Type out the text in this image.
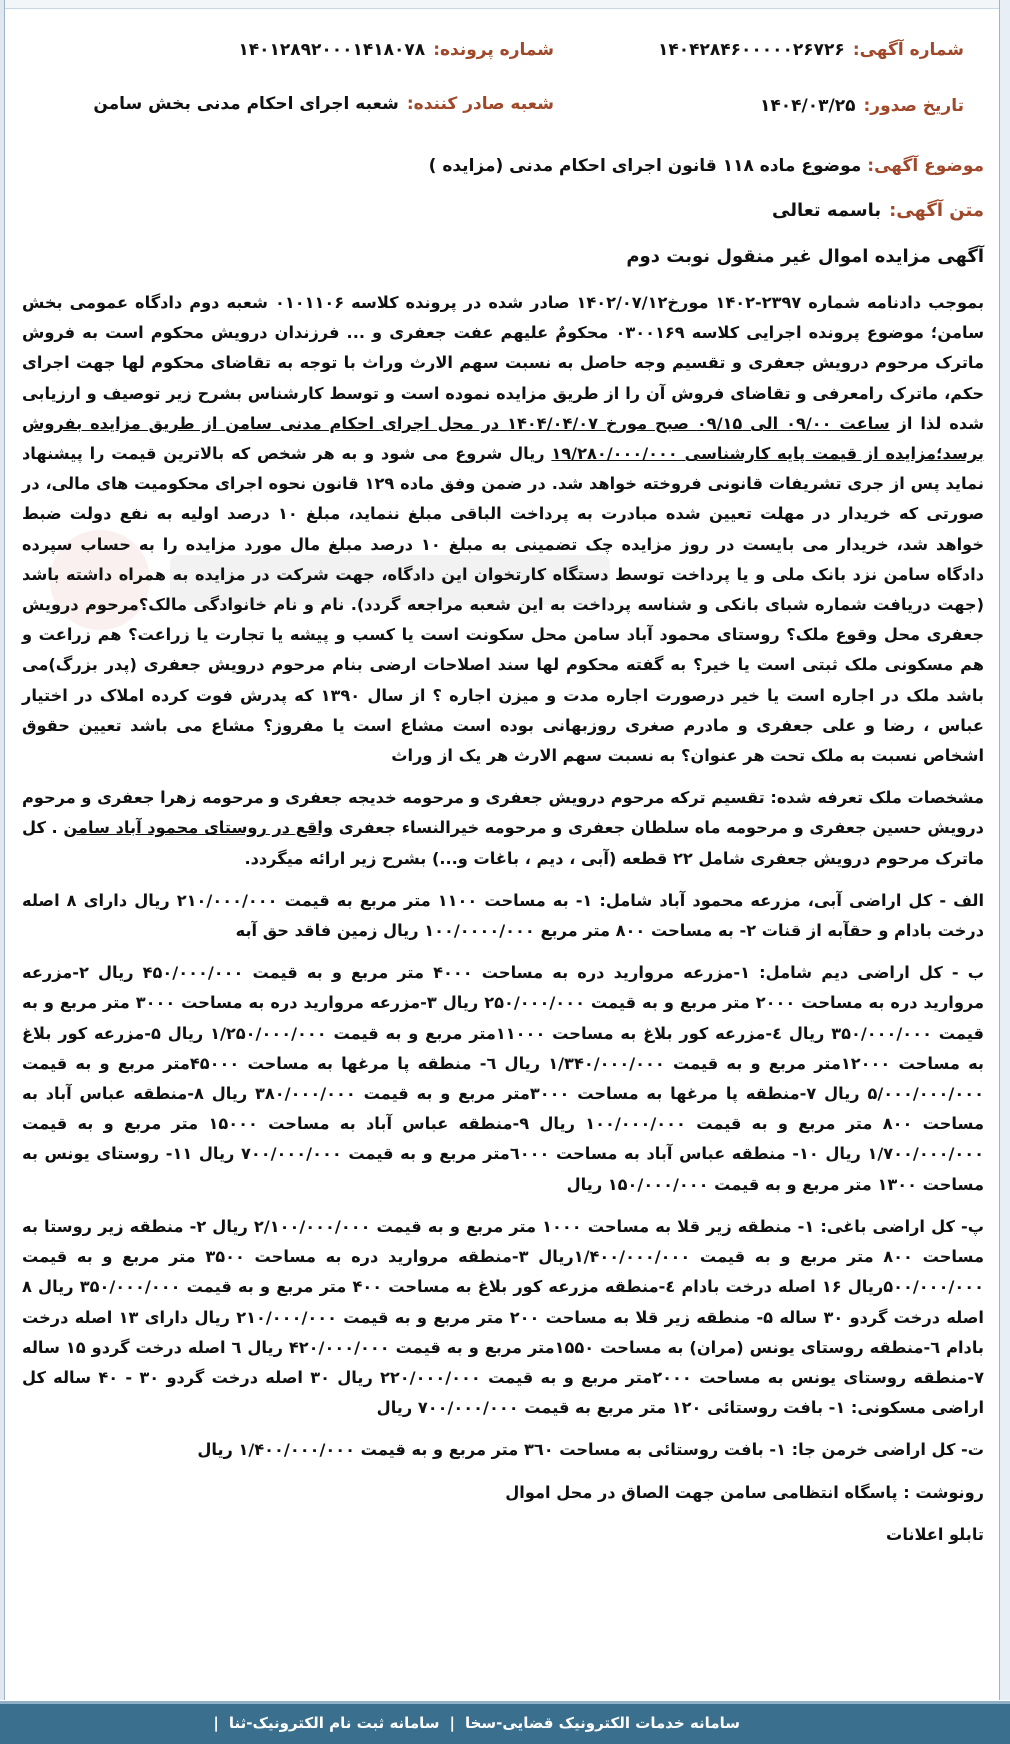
شماره آگهی:۱۴۰۴۲۸۴۶۰۰۰۰۰۲۶۷۲۶
شماره پرونده:۱۴۰۱۲۸۹۲۰۰۰۱۴۱۸۰۷۸
تاریخ صدور:۱۴۰۴/۰۳/۲۵
شعبه صادر کننده:شعبه اجرای احکام مدنی بخش سامن
موضوع آگهی:موضوع ماده ۱۱۸ قانون اجرای احکام مدنی (مزایده )
متن آگهی:باسمه تعالی
آگهی مزایده اموال غیر منقول نوبت دوم

بموجب دادنامه شماره ۲۳۹۷-۱۴۰۲ مورخ۱۴۰۲/۰۷/۱۲ صادر شده در پرونده کلاسه ۰۱۰۱۱۰۶ شعبه دوم دادگاه عمومی بخش سامن؛ موضوع پرونده اجرایی کلاسه ۰۳۰۰۱۶۹ محکومٌ علیهم عفت جعفری و ... فرزندان درویش محکوم است به فروش ماترک مرحوم درویش جعفری و تقسیم وجه حاصل به نسبت سهم الارث وراث با توجه به تقاضای محکوم لها جهت اجرای حکم، ماترک رامعرفی و تقاضای فروش آن را از طریق مزایده نموده است و توسط کارشناس بشرح زیر توصیف و ارزیابی شده لذا از ساعت ۰۹/۰۰ الی ۰۹/۱۵ صبح مورخ ۱۴۰۴/۰۴/۰۷ در محل اجرای احکام مدنی سامن از طریق مزایده بفروش برسد؛مزایده از قیمت پایه کارشناسی ۱۹/۲۸۰/۰۰۰/۰۰۰ ریال شروع می شود و به هر شخص که بالاترین قیمت را پیشنهاد نماید پس از جری تشریفات قانونی فروخته خواهد شد. در ضمن وفق ماده ۱۲۹ قانون نحوه اجرای محکومیت های مالی، در صورتی که خریدار در مهلت تعیین شده مبادرت به پرداخت الباقی مبلغ ننماید، مبلغ ۱۰ درصد اولیه به نفع دولت ضبط خواهد شد، خریدار می بایست در روز مزایده چک تضمینی به مبلغ ۱۰ درصد مبلغ مال مورد مزایده را به حساب سپرده دادگاه سامن نزد بانک ملی و یا پرداخت توسط دستگاه کارتخوان این دادگاه، جهت شرکت در مزایده به همراه داشته باشد (جهت دریافت شماره شبای بانکی و شناسه پرداخت به این شعبه مراجعه گردد). نام و نام خانوادگی مالک؟مرحوم درویش جعفری محل وقوع ملک؟ روستای محمود آباد سامن محل سکونت است یا کسب و پیشه یا تجارت یا زراعت؟ هم زراعت و هم مسکونی ملک ثبتی است یا خیر؟ به گفته محکوم لها سند اصلاحات ارضی بنام مرحوم درویش جعفری (پدر بزرگ)می باشد ملک در اجاره است یا خیر درصورت اجاره مدت و میزن اجاره ؟ از سال ۱۳۹۰ که پدرش فوت کرده املاک در اختیار عباس ، رضا و علی جعفری و مادرم صغری روزبهانی بوده است مشاع است یا مفروز؟ مشاع می باشد تعیین حقوق اشخاص نسبت به ملک تحت هر عنوان؟ به نسبت سهم الارث هر یک از وراث

مشخصات ملک تعرفه شده: تقسیم ترکه مرحوم درویش جعفری و مرحومه خدیجه جعفری و مرحومه زهرا جعفری و مرحوم درویش حسین جعفری و مرحومه ماه سلطان جعفری و مرحومه خیرالنساء جعفری واقع در روستای محمود آباد سامن . کل ماترک مرحوم درویش جعفری شامل ۲۲ قطعه (آبی ، دیم ، باغات و...) بشرح زیر ارائه میگردد.

الف - کل اراضی آبی، مزرعه محمود آباد شامل: ۱- به مساحت ۱۱۰۰ متر مربع به قیمت ۲۱۰/۰۰۰/۰۰۰ ریال دارای ۸ اصله درخت بادام و حقآبه از قنات ۲- به مساحت ۸۰۰ متر مربع ۱۰۰/۰۰۰۰/۰۰۰ ریال زمین فاقد حق آبه

ب - کل اراضی دیم شامل: ۱-مزرعه مروارید دره به مساحت ۴۰۰۰ متر مربع و به قیمت ۴۵۰/۰۰۰/۰۰۰ ریال ۲-مزرعه مروارید دره به مساحت ۲۰۰۰ متر مربع و به قیمت ۲۵۰/۰۰۰/۰۰۰ ریال ۳-مزرعه مروارید دره به مساحت ۳۰۰۰ متر مربع و به قیمت ۳۵۰/۰۰۰/۰۰۰ ریال ٤-مزرعه کور بلاغ به مساحت ۱۱۰۰۰متر مربع و به قیمت ۱/۲۵۰/۰۰۰/۰۰۰ ریال ۵-مزرعه کور بلاغ به مساحت ۱۲۰۰۰متر مربع و به قیمت ۱/۳۴۰/۰۰۰/۰۰۰ ریال ٦- منطقه پا مرغها به مساحت ۴۵۰۰۰متر مربع و به قیمت ۵/۰۰۰/۰۰۰/۰۰۰ ریال ۷-منطقه پا مرغها به مساحت ۳۰۰۰متر مربع و به قیمت ۳۸۰/۰۰۰/۰۰۰ ریال ۸-منطقه عباس آباد به مساحت ۸۰۰ متر مربع و به قیمت ۱۰۰/۰۰۰/۰۰۰ ریال ۹-منطقه عباس آباد به مساحت ۱۵۰۰۰ متر مربع و به قیمت ۱/۷۰۰/۰۰۰/۰۰۰ ریال ۱۰- منطقه عباس آباد به مساحت ٦۰۰۰متر مربع و به قیمت ۷۰۰/۰۰۰/۰۰۰ ریال ۱۱- روستای یونس به مساحت ۱۳۰۰ متر مربع و به قیمت ۱۵۰/۰۰۰/۰۰۰ ریال

پ- کل اراضی باغی: ۱- منطقه زیر قلا به مساحت ۱۰۰۰ متر مربع و به قیمت ۲/۱۰۰/۰۰۰/۰۰۰ ریال ۲- منطقه زیر روستا به مساحت ۸۰۰ متر مربع و به قیمت ۱/۴۰۰/۰۰۰/۰۰۰ریال ۳-منطقه مروارید دره به مساحت ۳۵۰۰ متر مربع و به قیمت ۵۰۰/۰۰۰/۰۰۰ریال ۱۶ اصله درخت بادام ٤-منطقه مزرعه کور بلاغ به مساحت ۴۰۰ متر مربع و به قیمت ۳۵۰/۰۰۰/۰۰۰ ریال ۸ اصله درخت گردو ۳۰ ساله ۵- منطقه زیر قلا به مساحت ۲۰۰ متر مربع و به قیمت ۲۱۰/۰۰۰/۰۰۰ ریال دارای ۱۳ اصله درخت بادام ٦-منطقه روستای یونس (مران) به مساحت ۱۵۵۰متر مربع و به قیمت ۴۲۰/۰۰۰/۰۰۰ ریال ٦ اصله درخت گردو ۱۵ ساله ۷-منطقه روستای یونس به مساحت ۲۰۰۰متر مربع و به قیمت ۲۲۰/۰۰۰/۰۰۰ ریال ۳۰ اصله درخت گردو ۳۰ - ۴۰ ساله کل اراضی مسکونی: ۱- بافت روستائی ۱۲۰ متر مربع به قیمت ۷۰۰/۰۰۰/۰۰۰ ریال

ت- کل اراضی خرمن جا: ۱- بافت روستائی به مساحت ۳٦۰ متر مربع و به قیمت ۱/۴۰۰/۰۰۰/۰۰۰ ریال

رونوشت : پاسگاه انتظامی سامن جهت الصاق در محل اموال

تابلو اعلانات

سامانه خدمات الکترونیک قضایی-سخا|سامانه ثبت نام الکترونیک-ثنا|
